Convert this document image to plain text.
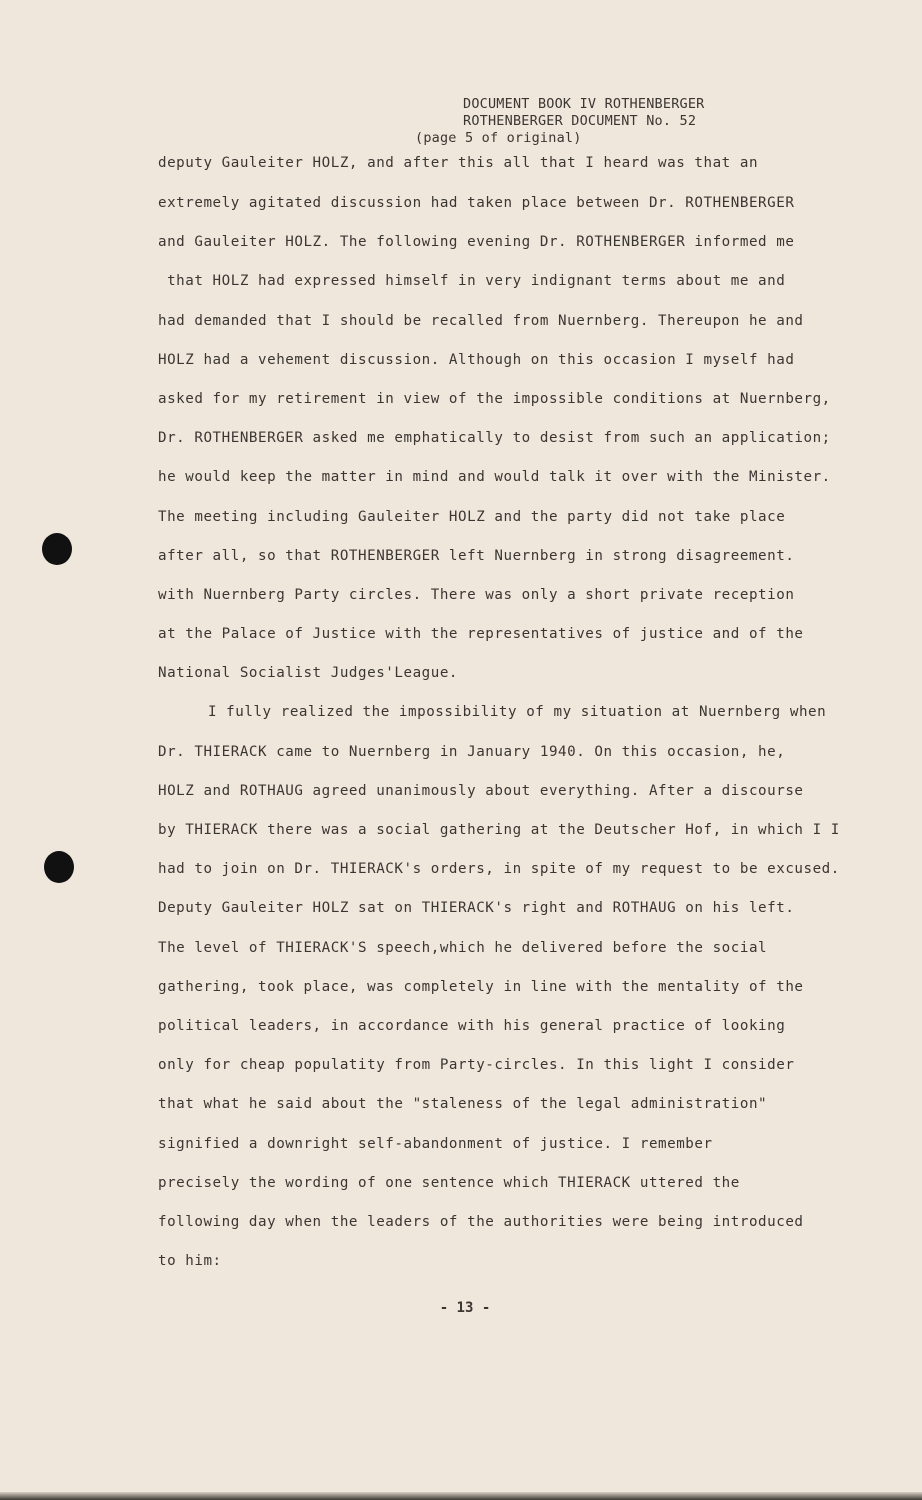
DOCUMENT BOOK IV ROTHENBERGER
ROTHENBERGER DOCUMENT No. 52
(page 5 of original)
deputy Gauleiter HOLZ, and after this all that I heard was that an
extremely agitated discussion had taken place between Dr. ROTHENBERGER
and Gauleiter HOLZ. The following evening Dr. ROTHENBERGER informed me
that HOLZ had expressed himself in very indignant terms about me and
had demanded that I should be recalled from Nuernberg. Thereupon he and
HOLZ had a vehement discussion. Although on this occasion I myself had
asked for my retirement in view of the impossible conditions at Nuernberg,
Dr. ROTHENBERGER asked me emphatically to desist from such an application;
he would keep the matter in mind and would talk it over with the Minister.
The meeting including Gauleiter HOLZ and the party did not take place
after all, so that ROTHENBERGER left Nuernberg in strong disagreement.
with Nuernberg Party circles. There was only a short private reception
at the Palace of Justice with the representatives of justice and of the
National Socialist Judges'League.
I fully realized the impossibility of my situation at Nuernberg when
Dr. THIERACK came to Nuernberg in January 1940. On this occasion, he,
HOLZ and ROTHAUG agreed unanimously about everything. After a discourse
by THIERACK there was a social gathering at the Deutscher Hof, in which I I
had to join on Dr. THIERACK's orders, in spite of my request to be excused.
Deputy Gauleiter HOLZ sat on THIERACK's right and ROTHAUG on his left.
The level of THIERACK'S speech,which he delivered before the social
gathering, took place, was completely in line with the mentality of the
political leaders, in accordance with his general practice of looking
only for cheap populatity from Party-circles. In this light I consider
that what he said about the "staleness of the legal administration"
signified a downright self-abandonment of justice. I remember
precisely the wording of one sentence which THIERACK uttered the
following day when the leaders of the authorities were being introduced
to him:
- 13 -
